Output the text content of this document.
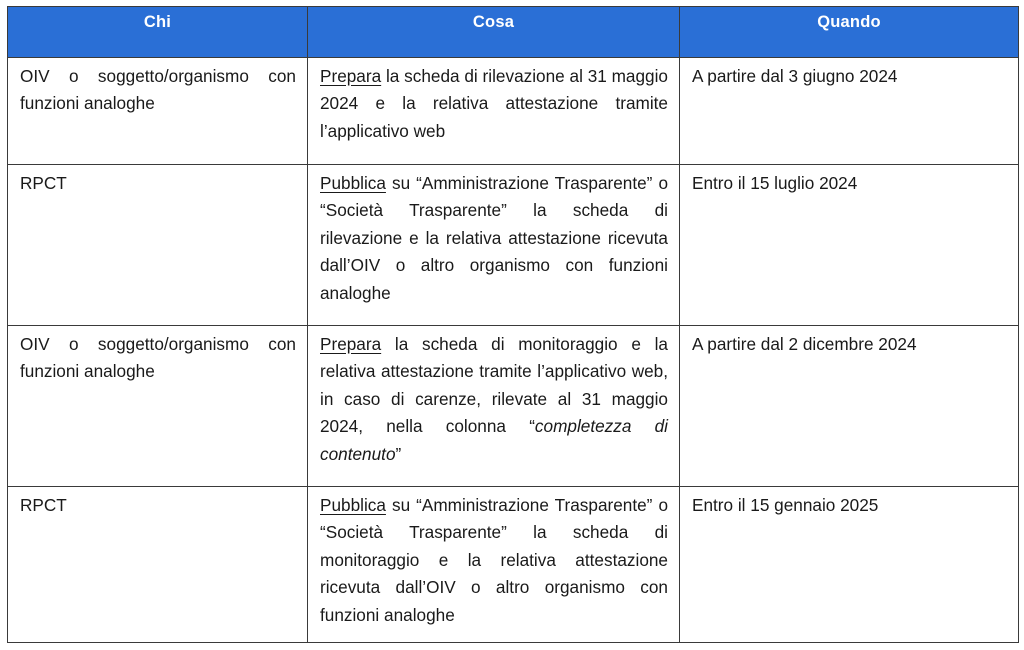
Chi	Cosa	Quando
OIV o soggetto/organismo con funzioni analoghe	Prepara la scheda di rilevazione al 31 maggio 2024 e la relativa attestazione tramite l’applicativo web	A partire dal 3 giugno 2024
RPCT	Pubblica su “Amministrazione Trasparente” o “Società Trasparente” la scheda di rilevazione e la relativa attestazione ricevuta dall’OIV o altro organismo con funzioni analoghe	Entro il 15 luglio 2024
OIV o soggetto/organismo con funzioni analoghe	Prepara la scheda di monitoraggio e la relativa attestazione tramite l’applicativo web, in caso di carenze, rilevate al 31 maggio 2024, nella colonna “completezza di contenuto”	A partire dal 2 dicembre 2024
RPCT	Pubblica su “Amministrazione Trasparente” o “Società Trasparente” la scheda di monitoraggio e la relativa attestazione ricevuta dall’OIV o altro organismo con funzioni analoghe	Entro il 15 gennaio 2025
